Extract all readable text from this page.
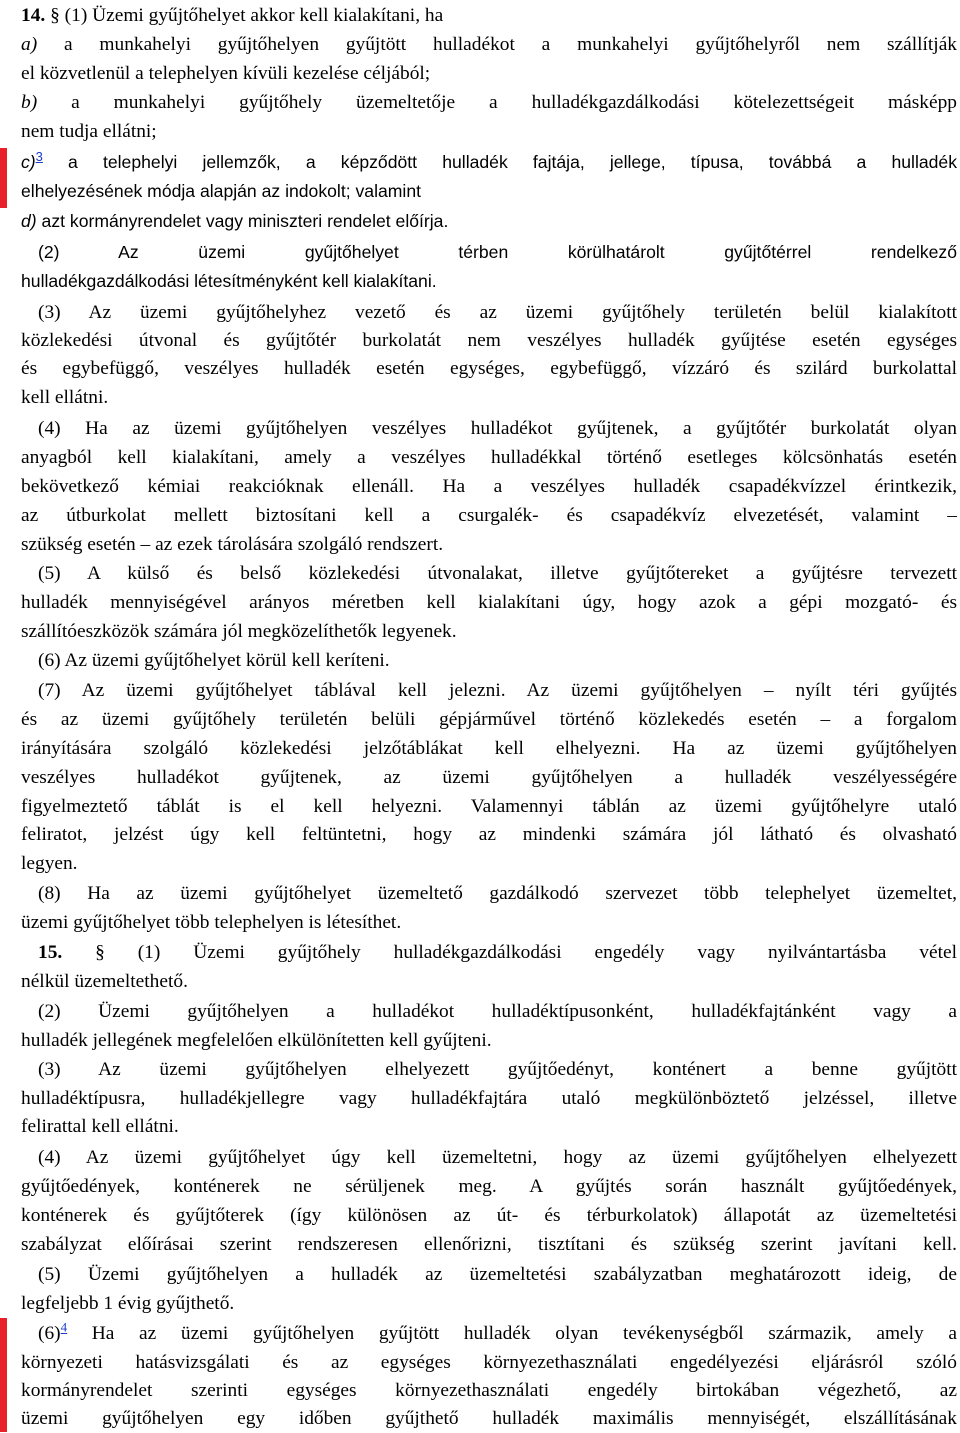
14. § (1) Üzemi gyűjtőhelyet akkor kell kialakítani, ha
a) a munkahelyi gyűjtőhelyen gyűjtött hulladékot a munkahelyi gyűjtőhelyről nem szállítják
el közvetlenül a telephelyen kívüli kezelése céljából;
b) a munkahelyi gyűjtőhely üzemeltetője a hulladékgazdálkodási kötelezettségeit másképp
nem tudja ellátni;
c)$^3$ a telephelyi jellemzők, a képződött hulladék fajtája, jellege, típusa, továbbá a hulladék
elhelyezésének módja alapján az indokolt; valamint
d) azt kormányrendelet vagy miniszteri rendelet előírja.
(2) Az üzemi gyűjtőhelyet térben körülhatárolt gyűjtőtérrel rendelkező
hulladékgazdálkodási létesítményként kell kialakítani.
(3) Az üzemi gyűjtőhelyhez vezető és az üzemi gyűjtőhely területén belül kialakított
közlekedési útvonal és gyűjtőtér burkolatát nem veszélyes hulladék gyűjtése esetén egységes
és egybefüggő, veszélyes hulladék esetén egységes, egybefüggő, vízzáró és szilárd burkolattal
kell ellátni.
(4) Ha az üzemi gyűjtőhelyen veszélyes hulladékot gyűjtenek, a gyűjtőtér burkolatát olyan
anyagból kell kialakítani, amely a veszélyes hulladékkal történő esetleges kölcsönhatás esetén
bekövetkező kémiai reakcióknak ellenáll. Ha a veszélyes hulladék csapadékvízzel érintkezik,
az útburkolat mellett biztosítani kell a csurgalék- és csapadékvíz elvezetését, valamint –
szükség esetén – az ezek tárolására szolgáló rendszert.
(5) A külső és belső közlekedési útvonalakat, illetve gyűjtőtereket a gyűjtésre tervezett
hulladék mennyiségével arányos méretben kell kialakítani úgy, hogy azok a gépi mozgató- és
szállítóeszközök számára jól megközelíthetők legyenek.
(6) Az üzemi gyűjtőhelyet körül kell keríteni.
(7) Az üzemi gyűjtőhelyet táblával kell jelezni. Az üzemi gyűjtőhelyen – nyílt téri gyűjtés
és az üzemi gyűjtőhely területén belüli gépjárművel történő közlekedés esetén – a forgalom
irányítására szolgáló közlekedési jelzőtáblákat kell elhelyezni. Ha az üzemi gyűjtőhelyen
veszélyes hulladékot gyűjtenek, az üzemi gyűjtőhelyen a hulladék veszélyességére
figyelmeztető táblát is el kell helyezni. Valamennyi táblán az üzemi gyűjtőhelyre utaló
feliratot, jelzést úgy kell feltüntetni, hogy az mindenki számára jól látható és olvasható
legyen.
(8) Ha az üzemi gyűjtőhelyet üzemeltető gazdálkodó szervezet több telephelyet üzemeltet,
üzemi gyűjtőhelyet több telephelyen is létesíthet.
15. § (1) Üzemi gyűjtőhely hulladékgazdálkodási engedély vagy nyilvántartásba vétel
nélkül üzemeltethető.
(2) Üzemi gyűjtőhelyen a hulladékot hulladéktípusonként, hulladékfajtánként vagy a
hulladék jellegének megfelelően elkülönítetten kell gyűjteni.
(3) Az üzemi gyűjtőhelyen elhelyezett gyűjtőedényt, konténert a benne gyűjtött
hulladéktípusra, hulladékjellegre vagy hulladékfajtára utaló megkülönböztető jelzéssel, illetve
felirattal kell ellátni.
(4) Az üzemi gyűjtőhelyet úgy kell üzemeltetni, hogy az üzemi gyűjtőhelyen elhelyezett
gyűjtőedények, konténerek ne sérüljenek meg. A gyűjtés során használt gyűjtőedények,
konténerek és gyűjtőterek (így különösen az út- és térburkolatok) állapotát az üzemeltetési
szabályzat előírásai szerint rendszeresen ellenőrizni, tisztítani és szükség szerint javítani kell.
(5) Üzemi gyűjtőhelyen a hulladék az üzemeltetési szabályzatban meghatározott ideig, de
legfeljebb 1 évig gyűjthető.
(6)$^4$ Ha az üzemi gyűjtőhelyen gyűjtött hulladék olyan tevékenységből származik, amely a
környezeti hatásvizsgálati és az egységes környezethasználati engedélyezési eljárásról szóló
kormányrendelet szerinti egységes környezethasználati engedély birtokában végezhető, az
üzemi gyűjtőhelyen egy időben gyűjthető hulladék maximális mennyiségét, elszállításának
